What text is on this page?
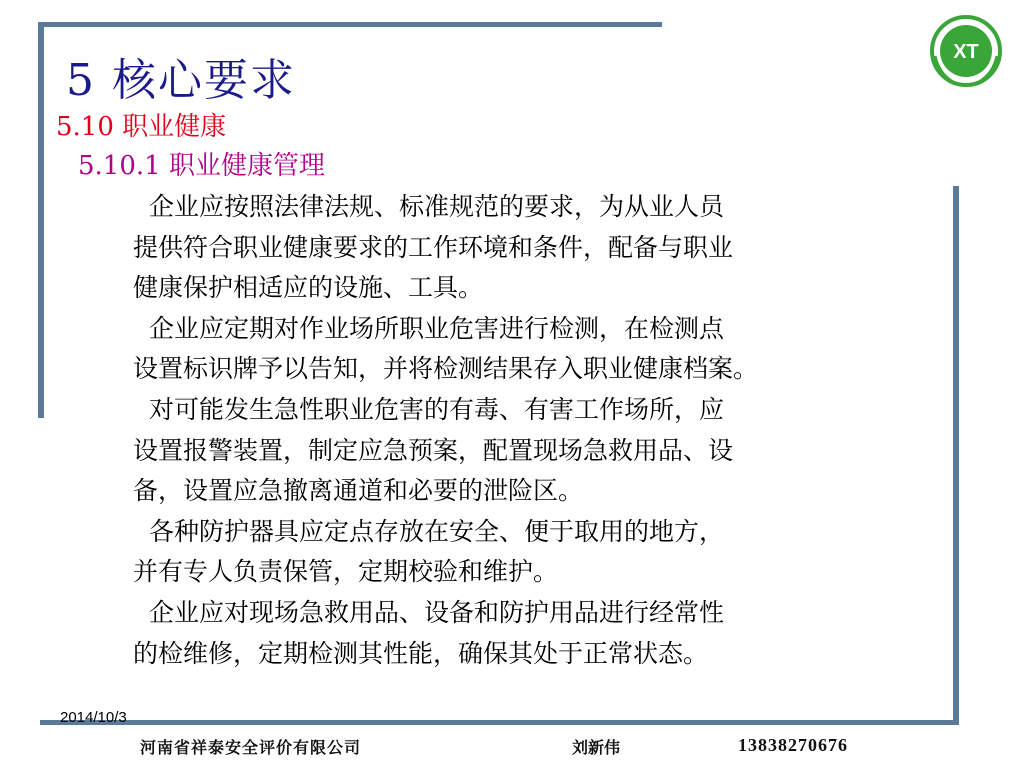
XT
5 核心要求
5.10 职业健康
5.10.1 职业健康管理
企业应按照法律法规、标准规范的要求，为从业人员
提供符合职业健康要求的工作环境和条件，配备与职业
健康保护相适应的设施、工具。
企业应定期对作业场所职业危害进行检测，在检测点
设置标识牌予以告知，并将检测结果存入职业健康档案。
对可能发生急性职业危害的有毒、有害工作场所，应
设置报警装置，制定应急预案，配置现场急救用品、设
备，设置应急撤离通道和必要的泄险区。
各种防护器具应定点存放在安全、便于取用的地方，
并有专人负责保管，定期校验和维护。
企业应对现场急救用品、设备和防护用品进行经常性
的检维修，定期检测其性能，确保其处于正常状态。
2014/10/3
河南省祥泰安全评价有限公司	刘新伟	13838270676
